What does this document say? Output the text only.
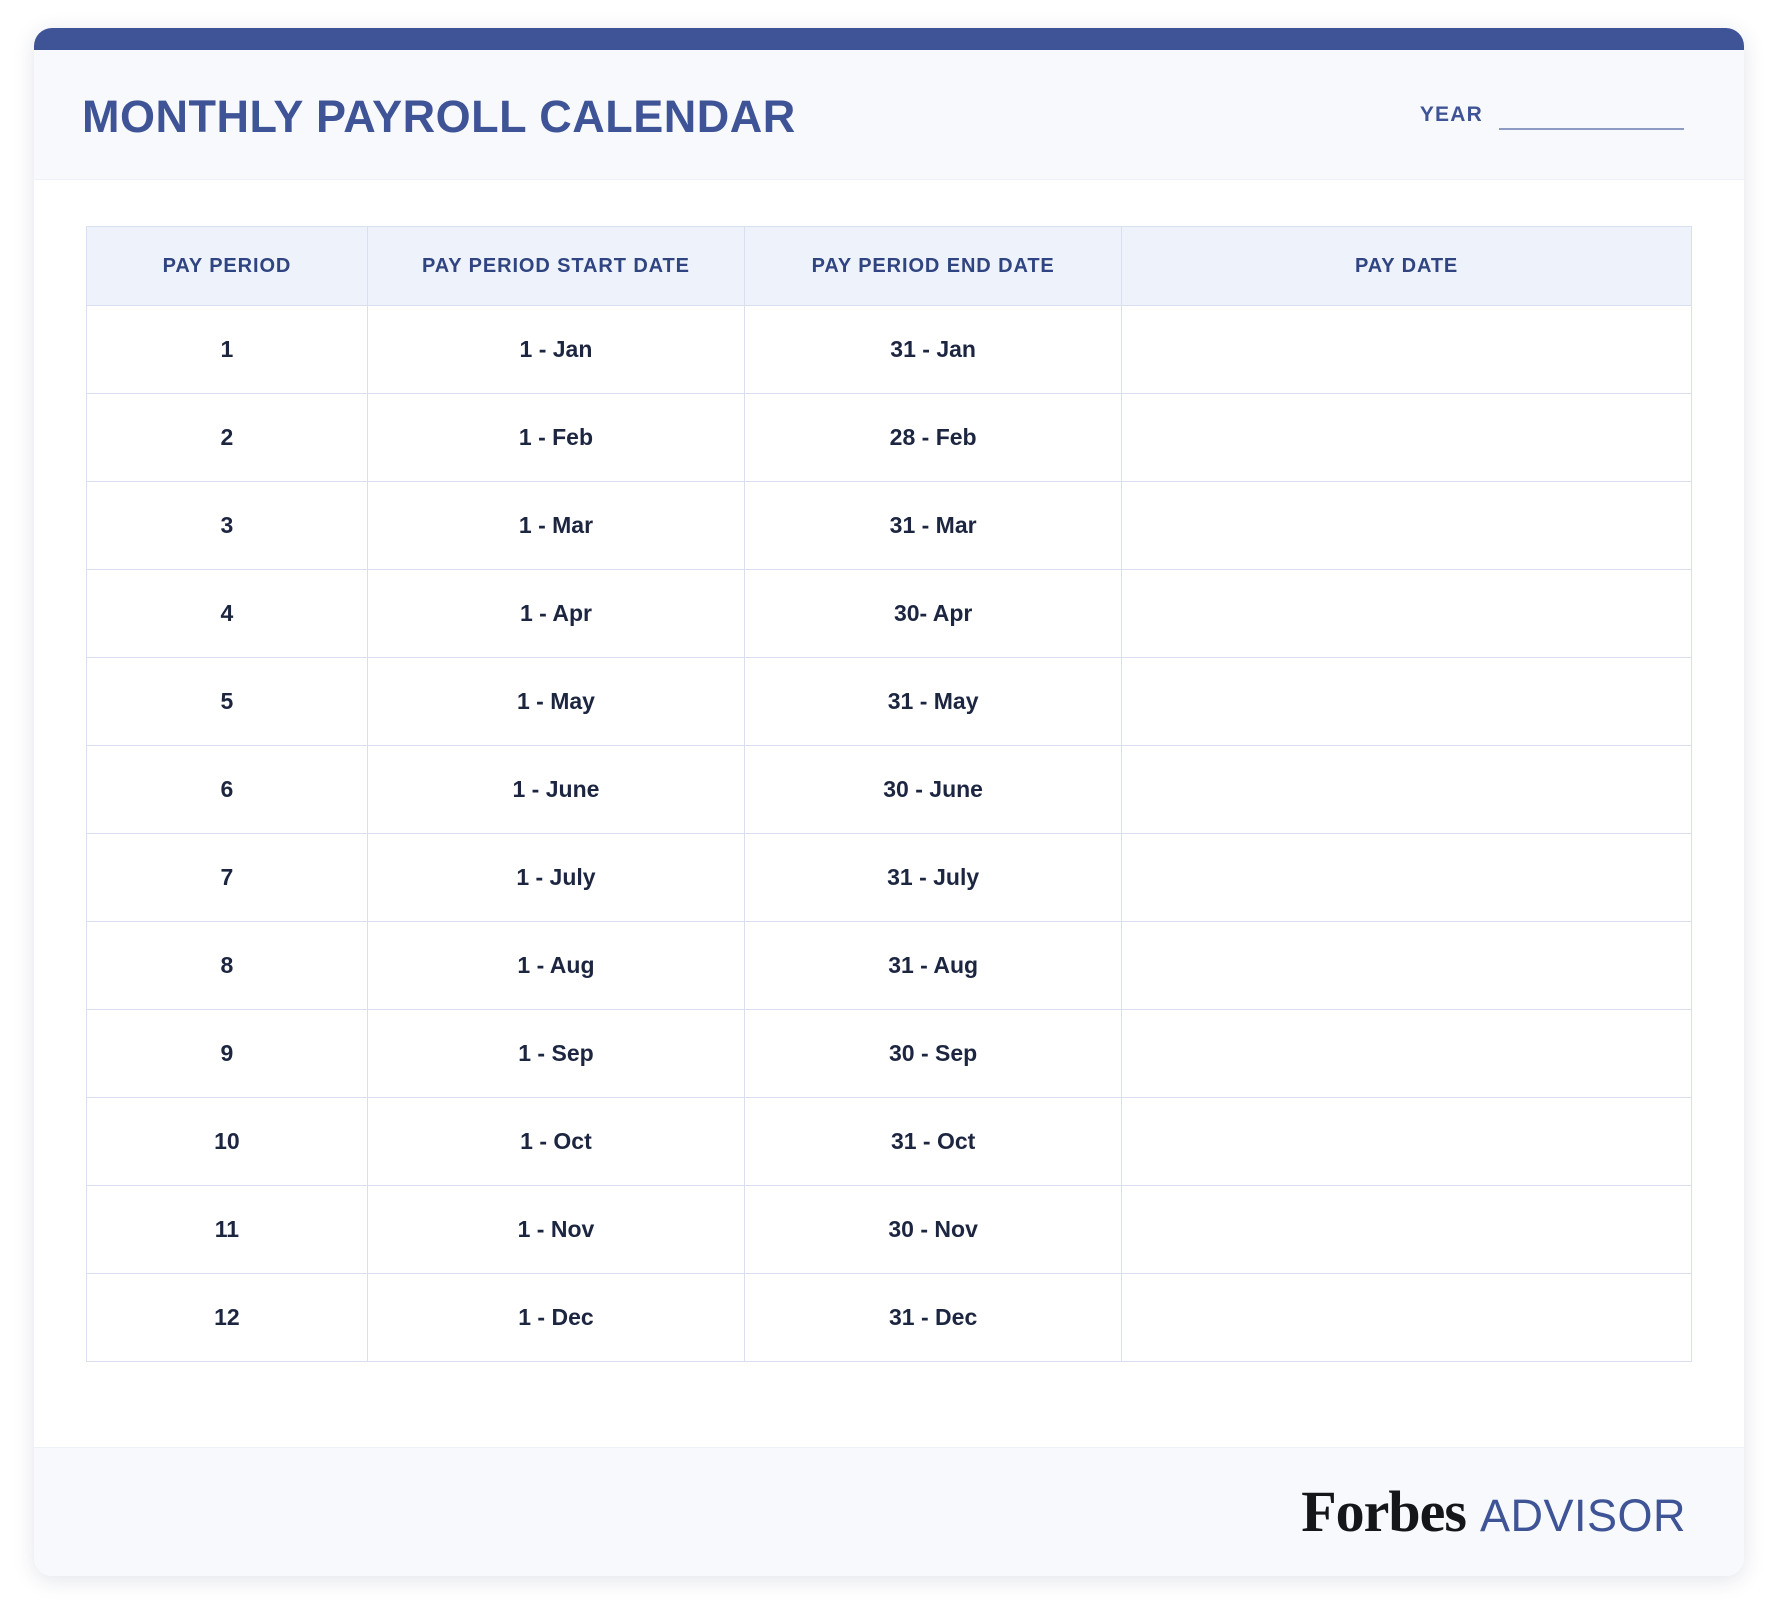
MONTHLY PAYROLL CALENDAR	YEAR
PAY PERIOD	PAY PERIOD START DATE	PAY PERIOD END DATE	PAY DATE
1	1 - Jan	31 - Jan	
2	1 - Feb	28 - Feb	
3	1 - Mar	31 - Mar	
4	1 - Apr	30- Apr	
5	1 - May	31 - May	
6	1 - June	30 - June	
7	1 - July	31 - July	
8	1 - Aug	31 - Aug	
9	1 - Sep	30 - Sep	
10	1 - Oct	31 - Oct	
11	1 - Nov	30 - Nov	
12	1 - Dec	31 - Dec	
Forbes ADVISOR
